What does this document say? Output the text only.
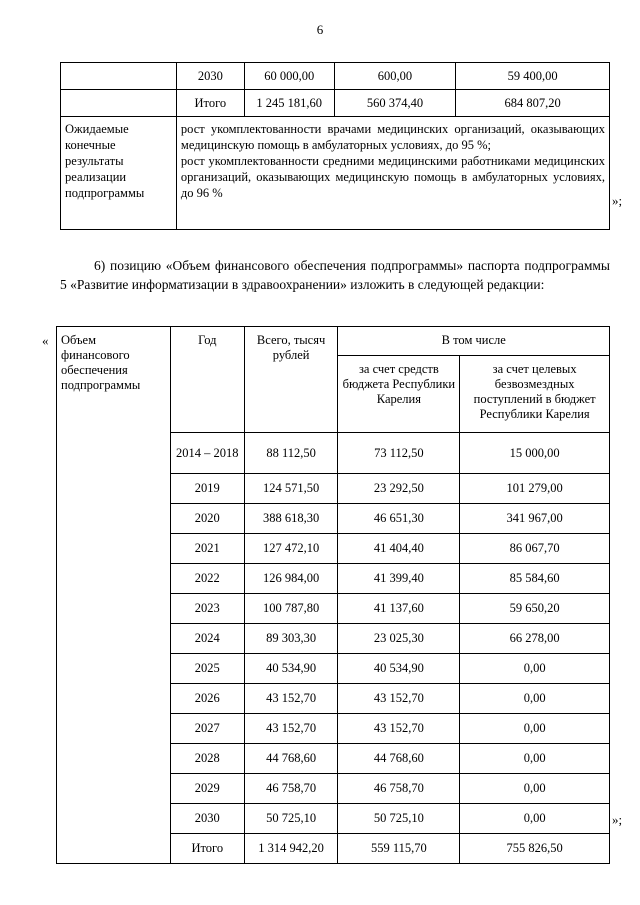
6
	2030	60 000,00	600,00	59 400,00
	Итого	1 245 181,60	560 374,40	684 807,20
Ожидаемые конечные результаты реализации подпрограммы	рост укомплектованности врачами медицинских организаций, оказывающих медицинскую помощь в амбулаторных условиях, до 95 %;
рост укомплектованности средними медицинскими работниками медицинских организаций, оказывающих медицинскую помощь в амбулаторных условиях, до 96 %				»;
6) позицию «Объем финансового обеспечения подпрограммы» паспорта подпрограммы 5 «Развитие информатизации в здравоохранении» изложить в следующей редакции:
« Объем финансового обеспечения подпрограммы	Год	Всего, тысяч рублей	В том числе	
			за счет средств бюджета Республики Карелия	за счет целевых безвозмездных поступлений в бюджет Республики Карелия
	2014 – 2018	88 112,50	73 112,50	15 000,00
	2019	124 571,50	23 292,50	101 279,00
	2020	388 618,30	46 651,30	341 967,00
	2021	127 472,10	41 404,40	86 067,70
	2022	126 984,00	41 399,40	85 584,60
	2023	100 787,80	41 137,60	59 650,20
	2024	89 303,30	23 025,30	66 278,00
	2025	40 534,90	40 534,90	0,00
	2026	43 152,70	43 152,70	0,00
	2027	43 152,70	43 152,70	0,00
	2028	44 768,60	44 768,60	0,00
	2029	46 758,70	46 758,70	0,00
	2030	50 725,10	50 725,10	0,00
	Итого	1 314 942,20	559 115,70	755 826,50
»;
